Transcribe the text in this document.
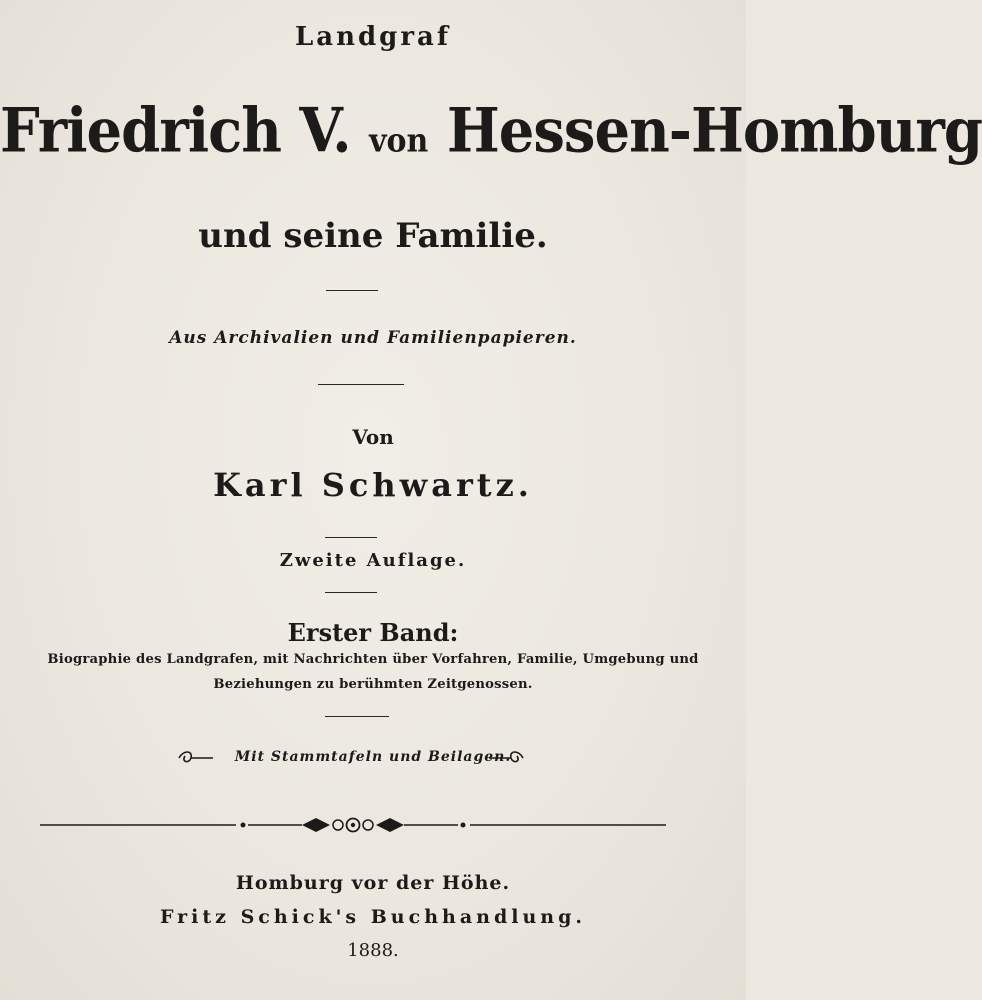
Landgraf
Friedrich V. von Hessen-Homburg
und seine Familie.
Aus Archivalien und Familienpapieren.
Von
Karl Schwartz.
Zweite Auflage.
Erster Band:
Biographie des Landgrafen, mit Nachrichten über Vorfahren, Familie, Umgebung und
Beziehungen zu berühmten Zeitgenossen.
Mit Stammtafeln und Beilagen.
Homburg vor der Höhe.
Fritz Schick's Buchhandlung.
1888.
